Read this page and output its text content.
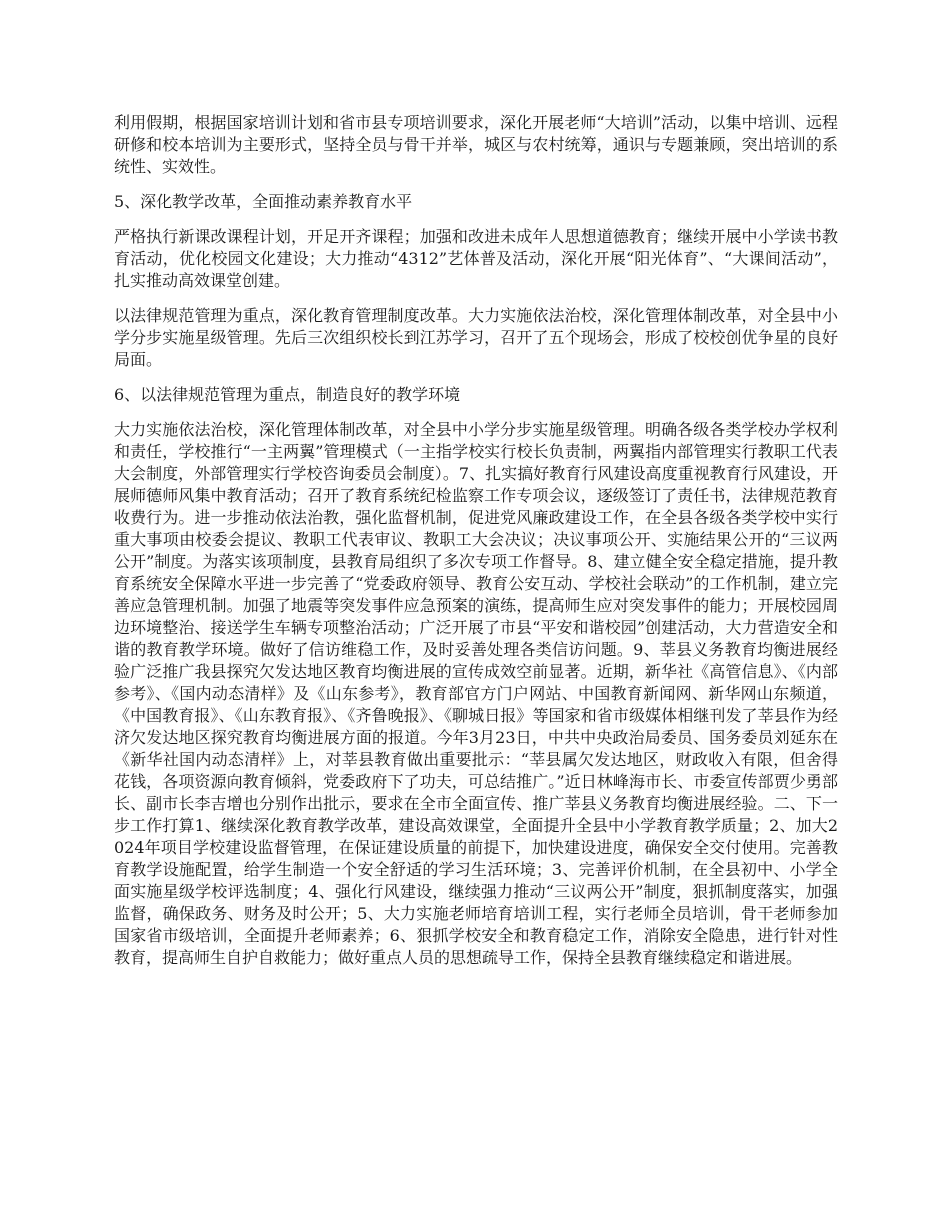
利用假期，根据国家培训计划和省市县专项培训要求，深化开展老师“大培训”活动，以集中培训、远程研修和校本培训为主要形式，坚持全员与骨干并举，城区与农村统筹，通识与专题兼顾，突出培训的系统性、实效性。

5、深化教学改革，全面推动素养教育水平

严格执行新课改课程计划，开足开齐课程；加强和改进未成年人思想道德教育；继续开展中小学读书教育活动，优化校园文化建设；大力推动“4312”艺体普及活动，深化开展“阳光体育”、“大课间活动”，扎实推动高效课堂创建。

以法律规范管理为重点，深化教育管理制度改革。大力实施依法治校，深化管理体制改革，对全县中小学分步实施星级管理。先后三次组织校长到江苏学习，召开了五个现场会，形成了校校创优争星的良好局面。

6、以法律规范管理为重点，制造良好的教学环境

大力实施依法治校，深化管理体制改革，对全县中小学分步实施星级管理。明确各级各类学校办学权利和责任，学校推行“一主两翼”管理模式（一主指学校实行校长负责制，两翼指内部管理实行教职工代表大会制度，外部管理实行学校咨询委员会制度）。7、扎实搞好教育行风建设高度重视教育行风建设，开展师德师风集中教育活动；召开了教育系统纪检监察工作专项会议，逐级签订了责任书，法律规范教育收费行为。进一步推动依法治教，强化监督机制，促进党风廉政建设工作，在全县各级各类学校中实行重大事项由校委会提议、教职工代表审议、教职工大会决议；决议事项公开、实施结果公开的“三议两公开”制度。为落实该项制度，县教育局组织了多次专项工作督导。8、建立健全安全稳定措施，提升教育系统安全保障水平进一步完善了“党委政府领导、教育公安互动、学校社会联动”的工作机制，建立完善应急管理机制。加强了地震等突发事件应急预案的演练，提高师生应对突发事件的能力；开展校园周边环境整治、接送学生车辆专项整治活动；广泛开展了市县“平安和谐校园”创建活动，大力营造安全和谐的教育教学环境。做好了信访维稳工作，及时妥善处理各类信访问题。9、莘县义务教育均衡进展经验广泛推广我县探究欠发达地区教育均衡进展的宣传成效空前显著。近期，新华社《高管信息》、《内部参考》、《国内动态清样》及《山东参考》，教育部官方门户网站、中国教育新闻网、新华网山东频道，《中国教育报》、《山东教育报》、《齐鲁晚报》、《聊城日报》等国家和省市级媒体相继刊发了莘县作为经济欠发达地区探究教育均衡进展方面的报道。今年3月23日，中共中央政治局委员、国务委员刘延东在《新华社国内动态清样》上，对莘县教育做出重要批示：“莘县属欠发达地区，财政收入有限，但舍得花钱，各项资源向教育倾斜，党委政府下了功夫，可总结推广。”近日林峰海市长、市委宣传部贾少勇部长、副市长李吉增也分别作出批示，要求在全市全面宣传、推广莘县义务教育均衡进展经验。二、下一步工作打算1、继续深化教育教学改革，建设高效课堂，全面提升全县中小学教育教学质量；2、加大2024年项目学校建设监督管理，在保证建设质量的前提下，加快建设进度，确保安全交付使用。完善教育教学设施配置，给学生制造一个安全舒适的学习生活环境；3、完善评价机制，在全县初中、小学全面实施星级学校评选制度；4、强化行风建设，继续强力推动“三议两公开”制度，狠抓制度落实，加强监督，确保政务、财务及时公开；5、大力实施老师培育培训工程，实行老师全员培训，骨干老师参加国家省市级培训，全面提升老师素养；6、狠抓学校安全和教育稳定工作，消除安全隐患，进行针对性教育，提高师生自护自救能力；做好重点人员的思想疏导工作，保持全县教育继续稳定和谐进展。
